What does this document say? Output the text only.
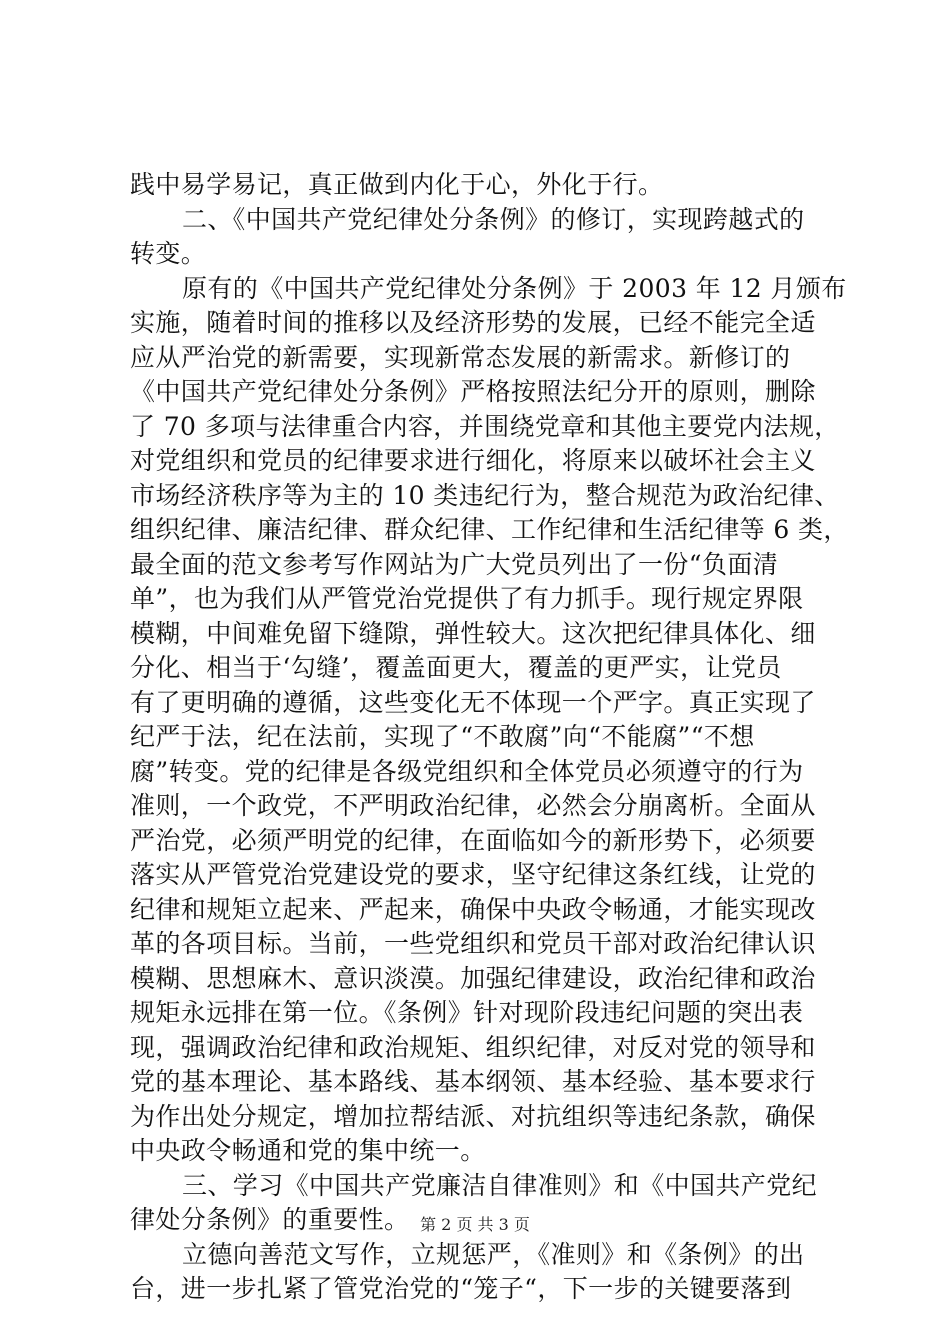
践中易学易记，真正做到内化于心，外化于行。
二、《中国共产党纪律处分条例》的修订，实现跨越式的
转变。
原有的《中国共产党纪律处分条例》于 2003 年 12 月颁布
实施，随着时间的推移以及经济形势的发展，已经不能完全适
应从严治党的新需要，实现新常态发展的新需求。新修订的
《中国共产党纪律处分条例》严格按照法纪分开的原则，删除
了 70 多项与法律重合内容，并围绕党章和其他主要党内法规，
对党组织和党员的纪律要求进行细化，将原来以破坏社会主义
市场经济秩序等为主的 10 类违纪行为，整合规范为政治纪律、
组织纪律、廉洁纪律、群众纪律、工作纪律和生活纪律等 6 类，
最全面的范文参考写作网站为广大党员列出了一份“负面清
单”，也为我们从严管党治党提供了有力抓手。现行规定界限
模糊，中间难免留下缝隙，弹性较大。这次把纪律具体化、细
分化、相当于‘勾缝’，覆盖面更大，覆盖的更严实，让党员
有了更明确的遵循，这些变化无不体现一个严字。真正实现了
纪严于法，纪在法前，实现了“不敢腐”向“不能腐”“不想
腐”转变。党的纪律是各级党组织和全体党员必须遵守的行为
准则，一个政党，不严明政治纪律，必然会分崩离析。全面从
严治党，必须严明党的纪律，在面临如今的新形势下，必须要
落实从严管党治党建设党的要求，坚守纪律这条红线，让党的
纪律和规矩立起来、严起来，确保中央政令畅通，才能实现改
革的各项目标。当前，一些党组织和党员干部对政治纪律认识
模糊、思想麻木、意识淡漠。加强纪律建设，政治纪律和政治
规矩永远排在第一位。《条例》针对现阶段违纪问题的突出表
现，强调政治纪律和政治规矩、组织纪律，对反对党的领导和
党的基本理论、基本路线、基本纲领、基本经验、基本要求行
为作出处分规定，增加拉帮结派、对抗组织等违纪条款，确保
中央政令畅通和党的集中统一。
三、学习《中国共产党廉洁自律准则》和《中国共产党纪
律处分条例》的重要性。
立德向善范文写作，立规惩严，《准则》和《条例》的出
台，进一步扎紧了管党治党的“笼子“，下一步的关键要落到
第 2 页 共 3 页
